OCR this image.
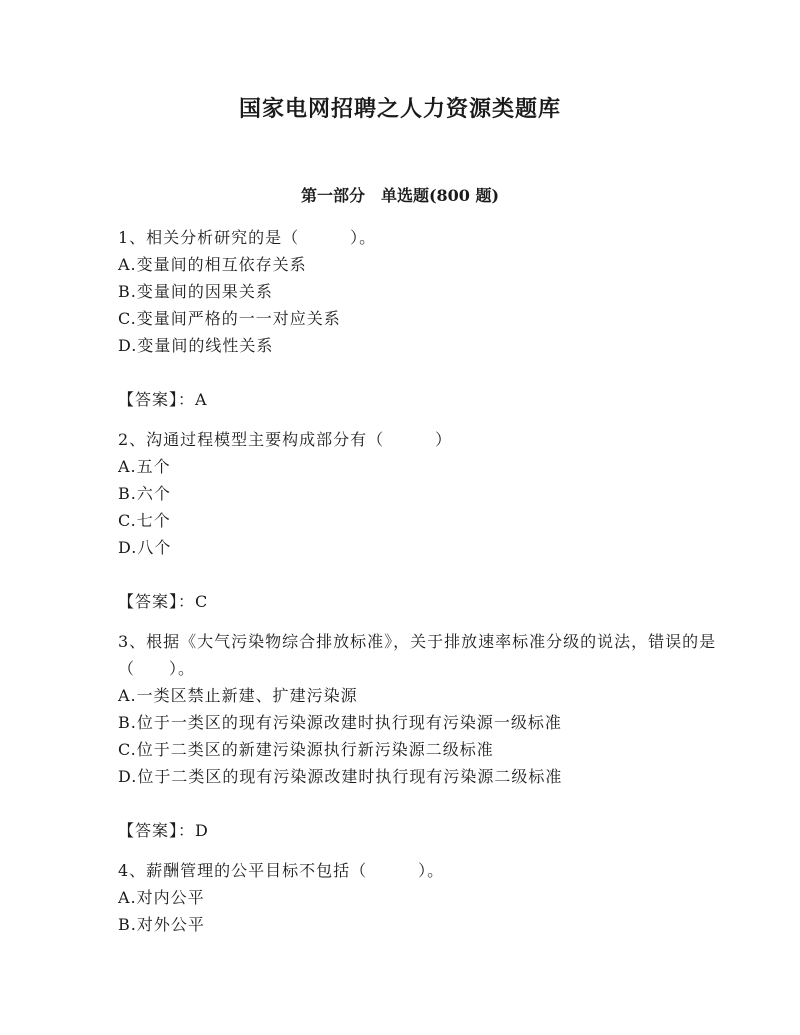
国家电网招聘之人力资源类题库
第一部分　单选题(800 题)
1、相关分析研究的是（　　　）。
A.变量间的相互依存关系
B.变量间的因果关系
C.变量间严格的一一对应关系
D.变量间的线性关系
【答案】：A
2、沟通过程模型主要构成部分有（　　　）
A.五个
B.六个
C.七个
D.八个
【答案】：C
3、根据《大气污染物综合排放标准》，关于排放速率标准分级的说法，错误的是（　　）。
A.一类区禁止新建、扩建污染源
B.位于一类区的现有污染源改建时执行现有污染源一级标准
C.位于二类区的新建污染源执行新污染源二级标准
D.位于二类区的现有污染源改建时执行现有污染源二级标准
【答案】：D
4、薪酬管理的公平目标不包括（　　　）。
A.对内公平
B.对外公平
